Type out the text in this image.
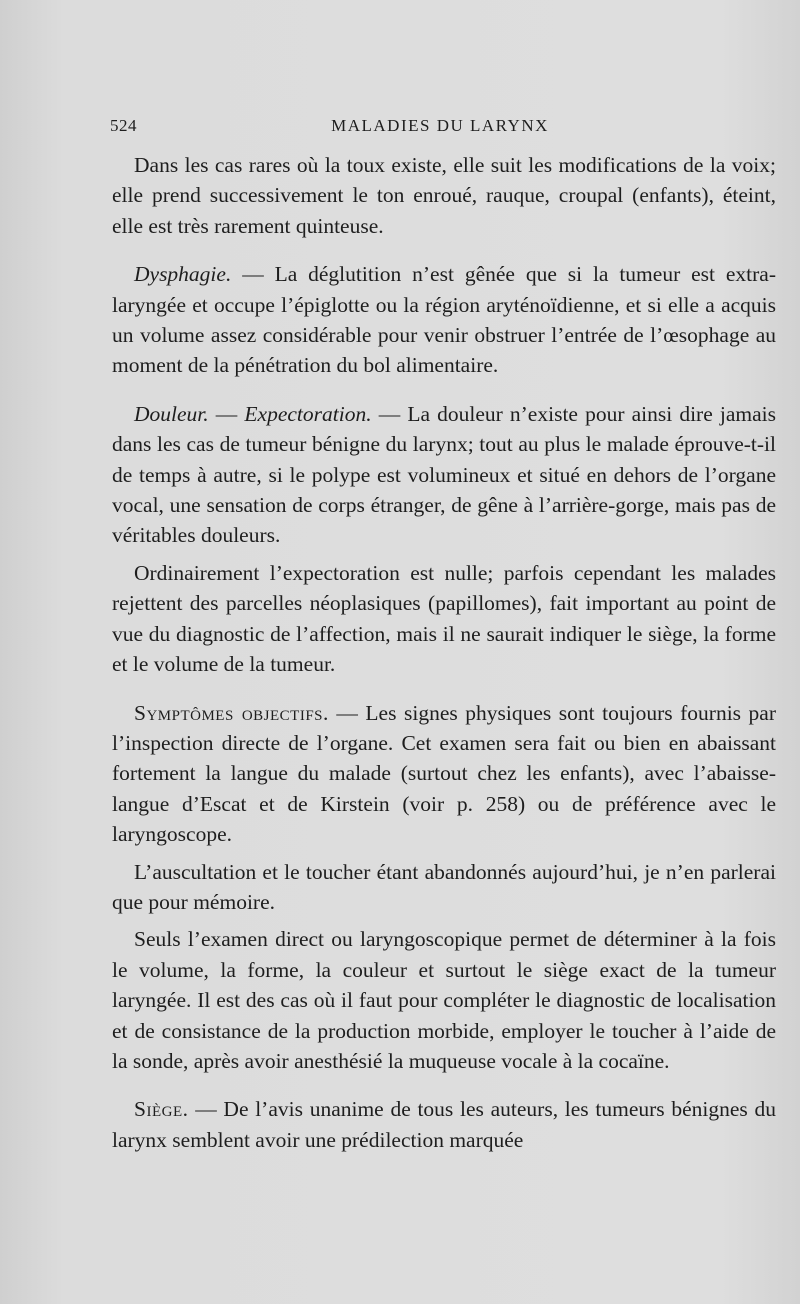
524	MALADIES DU LARYNX

Dans les cas rares où la toux existe, elle suit les modifications de la voix; elle prend successivement le ton enroué, rauque, croupal (enfants), éteint, elle est très rarement quinteuse.

Dysphagie. — La déglutition n’est gênée que si la tumeur est extra-laryngée et occupe l’épiglotte ou la région aryténoïdienne, et si elle a acquis un volume assez considérable pour venir obstruer l’entrée de l’œsophage au moment de la pénétration du bol alimentaire.

Douleur. — Expectoration. — La douleur n’existe pour ainsi dire jamais dans les cas de tumeur bénigne du larynx; tout au plus le malade éprouve-t-il de temps à autre, si le polype est volumineux et situé en dehors de l’organe vocal, une sensation de corps étranger, de gêne à l’arrière-gorge, mais pas de véritables douleurs.

Ordinairement l’expectoration est nulle; parfois cependant les malades rejettent des parcelles néoplasiques (papillomes), fait important au point de vue du diagnostic de l’affection, mais il ne saurait indiquer le siège, la forme et le volume de la tumeur.

Symptômes objectifs. — Les signes physiques sont toujours fournis par l’inspection directe de l’organe. Cet examen sera fait ou bien en abaissant fortement la langue du malade (surtout chez les enfants), avec l’abaisse-langue d’Escat et de Kirstein (voir p. 258) ou de préférence avec le laryngoscope.

L’auscultation et le toucher étant abandonnés aujourd’hui, je n’en parlerai que pour mémoire.

Seuls l’examen direct ou laryngoscopique permet de déterminer à la fois le volume, la forme, la couleur et surtout le siège exact de la tumeur laryngée. Il est des cas où il faut pour compléter le diagnostic de localisation et de consistance de la production morbide, employer le toucher à l’aide de la sonde, après avoir anesthésié la muqueuse vocale à la cocaïne.

Siège. — De l’avis unanime de tous les auteurs, les tumeurs bénignes du larynx semblent avoir une prédilection marquée
